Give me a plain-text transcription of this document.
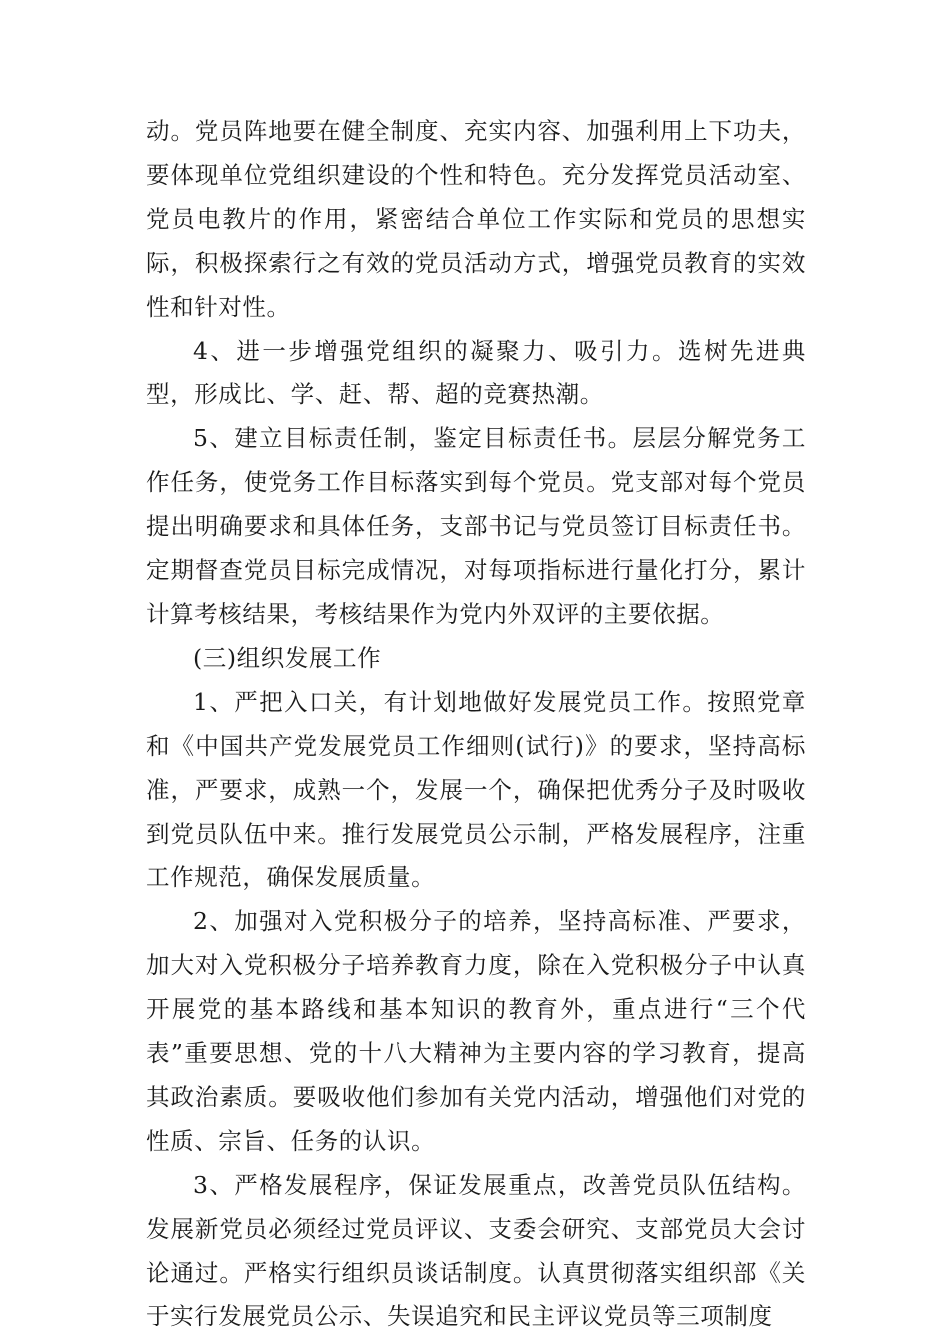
动。党员阵地要在健全制度、充实内容、加强利用上下功夫，要体现单位党组织建设的个性和特色。充分发挥党员活动室、党员电教片的作用，紧密结合单位工作实际和党员的思想实际，积极探索行之有效的党员活动方式，增强党员教育的实效性和针对性。

4、进一步增强党组织的凝聚力、吸引力。选树先进典型，形成比、学、赶、帮、超的竞赛热潮。

5、建立目标责任制，鉴定目标责任书。层层分解党务工作任务，使党务工作目标落实到每个党员。党支部对每个党员提出明确要求和具体任务，支部书记与党员签订目标责任书。定期督查党员目标完成情况，对每项指标进行量化打分，累计计算考核结果，考核结果作为党内外双评的主要依据。

(三)组织发展工作

1、严把入口关，有计划地做好发展党员工作。按照党章和《中国共产党发展党员工作细则(试行)》的要求，坚持高标准，严要求，成熟一个，发展一个，确保把优秀分子及时吸收到党员队伍中来。推行发展党员公示制，严格发展程序，注重工作规范，确保发展质量。

2、加强对入党积极分子的培养，坚持高标准、严要求，加大对入党积极分子培养教育力度，除在入党积极分子中认真开展党的基本路线和基本知识的教育外，重点进行“三个代表”重要思想、党的十八大精神为主要内容的学习教育，提高其政治素质。要吸收他们参加有关党内活动，增强他们对党的性质、宗旨、任务的认识。

3、严格发展程序，保证发展重点，改善党员队伍结构。发展新党员必须经过党员评议、支委会研究、支部党员大会讨论通过。严格实行组织员谈话制度。认真贯彻落实组织部《关于实行发展党员公示、失误追究和民主评议党员等三项制度
